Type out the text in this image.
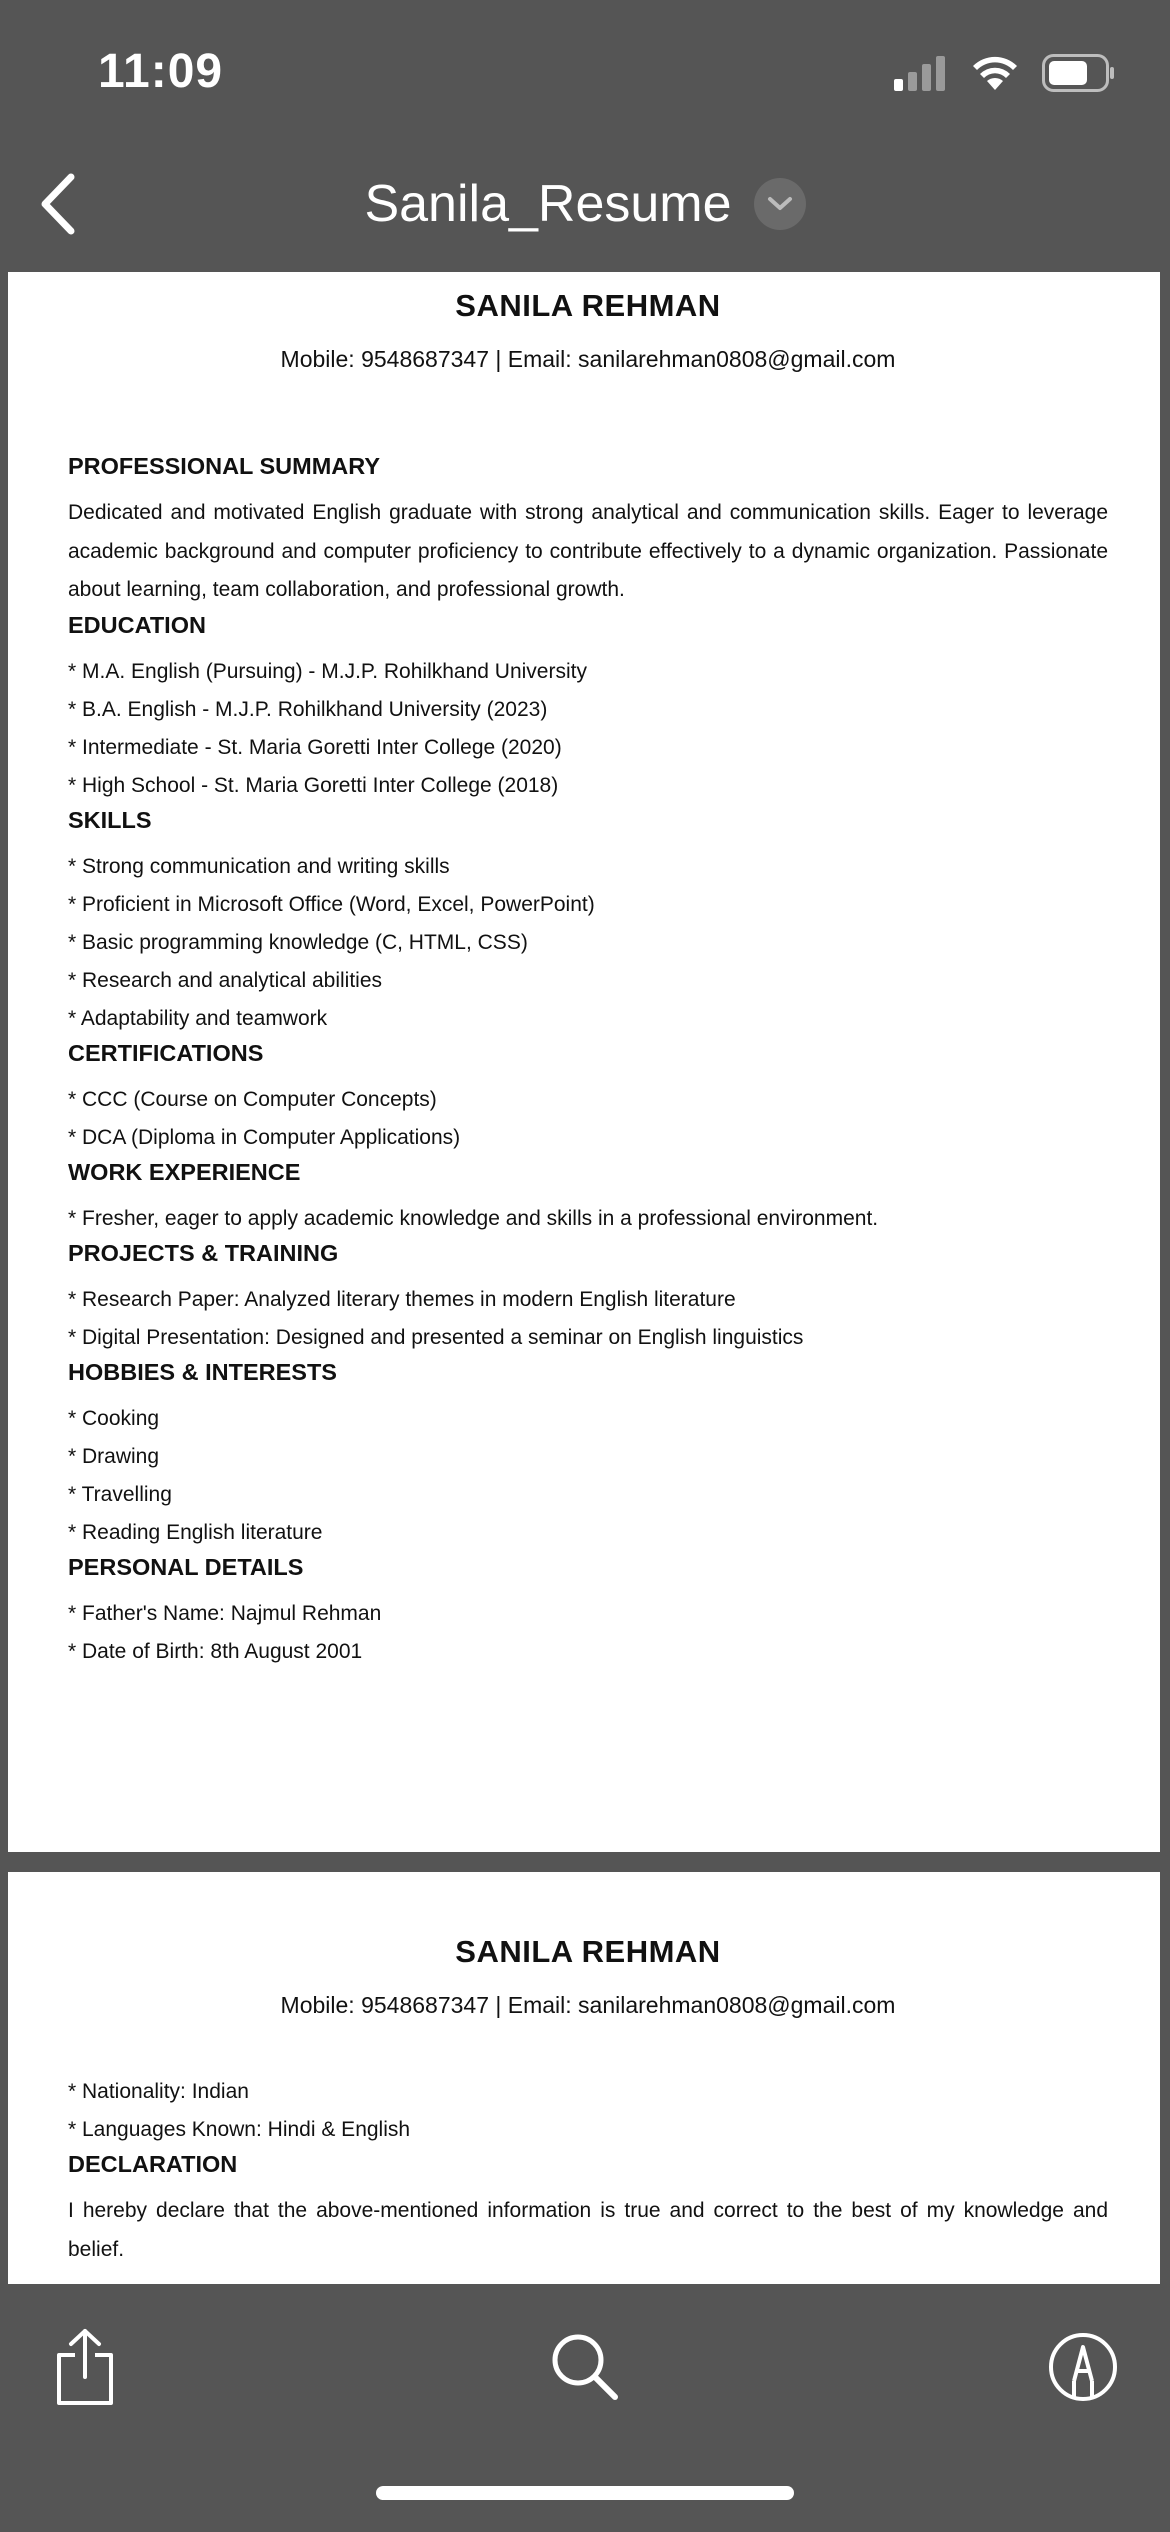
11:09
Sanila_Resume
SANILA REHMAN
Mobile: 9548687347 | Email: sanilarehman0808@gmail.com
PROFESSIONAL SUMMARY
Dedicated and motivated English graduate with strong analytical and communication skills. Eager to leverage academic background and computer proficiency to contribute effectively to a dynamic organization. Passionate about learning, team collaboration, and professional growth.
EDUCATION
* M.A. English (Pursuing) - M.J.P. Rohilkhand University
* B.A. English - M.J.P. Rohilkhand University (2023)
* Intermediate - St. Maria Goretti Inter College (2020)
* High School - St. Maria Goretti Inter College (2018)
SKILLS
* Strong communication and writing skills
* Proficient in Microsoft Office (Word, Excel, PowerPoint)
* Basic programming knowledge (C, HTML, CSS)
* Research and analytical abilities
* Adaptability and teamwork
CERTIFICATIONS
* CCC (Course on Computer Concepts)
* DCA (Diploma in Computer Applications)
WORK EXPERIENCE
* Fresher, eager to apply academic knowledge and skills in a professional environment.
PROJECTS & TRAINING
* Research Paper: Analyzed literary themes in modern English literature
* Digital Presentation: Designed and presented a seminar on English linguistics
HOBBIES & INTERESTS
* Cooking
* Drawing
* Travelling
* Reading English literature
PERSONAL DETAILS
* Father's Name: Najmul Rehman
* Date of Birth: 8th August 2001
SANILA REHMAN
Mobile: 9548687347 | Email: sanilarehman0808@gmail.com
* Nationality: Indian
* Languages Known: Hindi & English
DECLARATION
I hereby declare that the above-mentioned information is true and correct to the best of my knowledge and belief.
